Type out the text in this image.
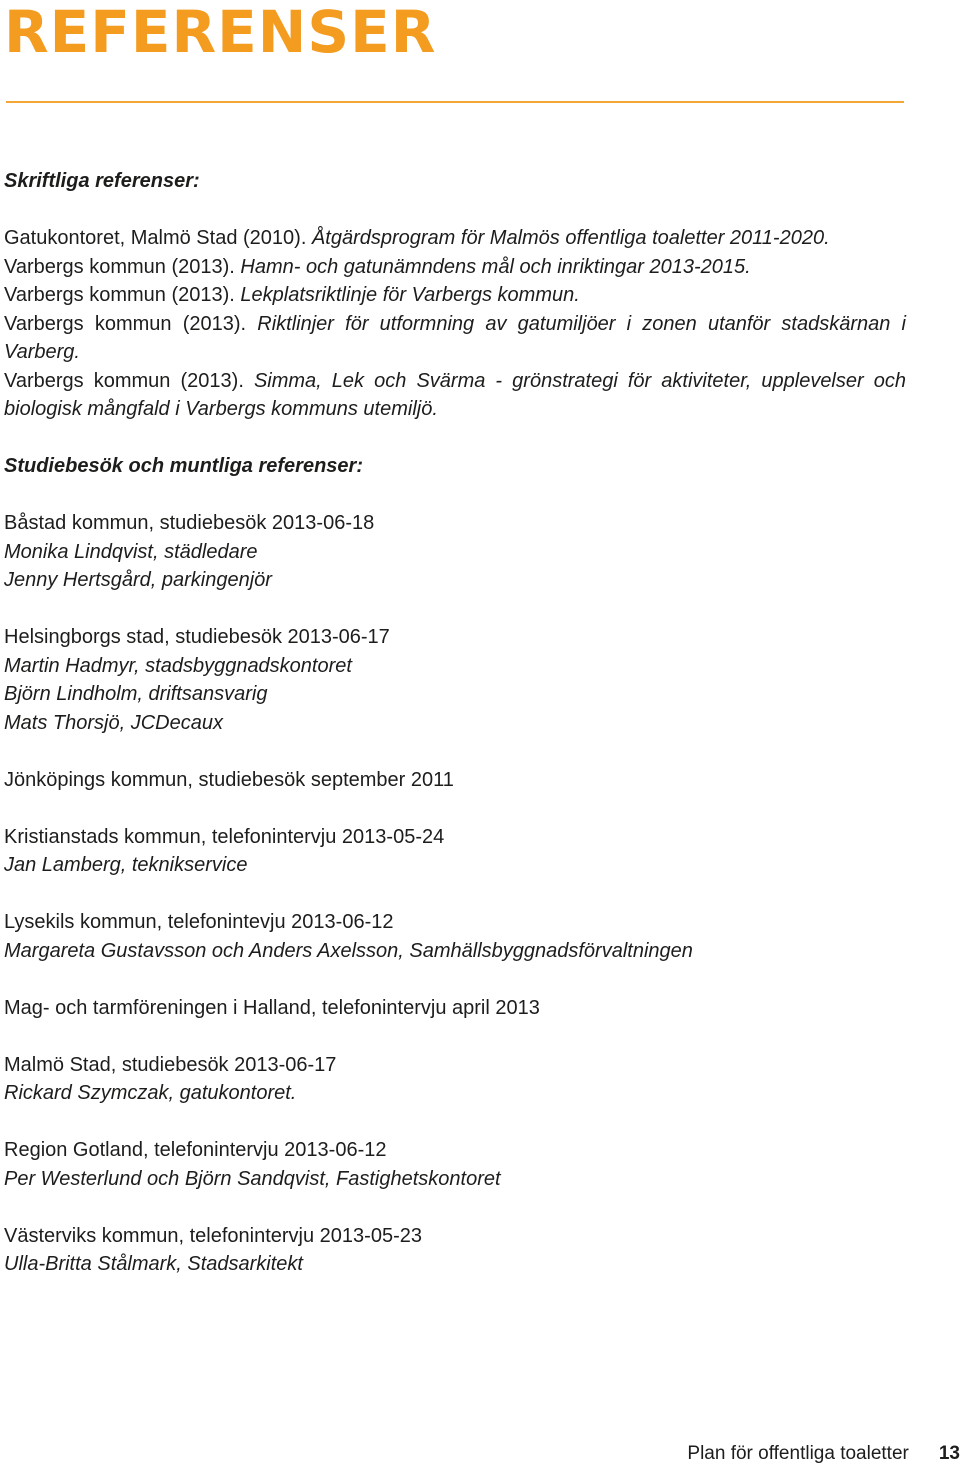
REFERENSER

Skriftliga referenser:

Gatukontoret, Malmö Stad (2010). Åtgärdsprogram för Malmös offentliga toaletter 2011-2020.

Varbergs kommun (2013). Hamn- och gatunämndens mål och inriktingar 2013-2015.

Varbergs kommun (2013). Lekplatsriktlinje för Varbergs kommun.

Varbergs kommun (2013). Riktlinjer för utformning av gatumiljöer i zonen utanför stadskärnan i Varberg.

Varbergs kommun (2013). Simma, Lek och Svärma - grönstrategi för aktiviteter, upplevelser och biologisk mångfald i Varbergs kommuns utemiljö.

Studiebesök och muntliga referenser:

Båstad kommun, studiebesök 2013-06-18

Monika Lindqvist, städledare

Jenny Hertsgård, parkingenjör

Helsingborgs stad, studiebesök 2013-06-17

Martin Hadmyr, stadsbyggnadskontoret

Björn Lindholm, driftsansvarig

Mats Thorsjö, JCDecaux

Jönköpings kommun, studiebesök september 2011

Kristianstads kommun, telefonintervju 2013-05-24

Jan Lamberg, teknikservice

Lysekils kommun, telefonintevju 2013-06-12

Margareta Gustavsson och Anders Axelsson, Samhällsbyggnadsförvaltningen

Mag- och tarmföreningen i Halland, telefonintervju april 2013

Malmö Stad, studiebesök 2013-06-17

Rickard Szymczak, gatukontoret.

Region Gotland, telefonintervju 2013-06-12

Per Westerlund och Björn Sandqvist, Fastighetskontoret

Västerviks kommun, telefonintervju 2013-05-23

Ulla-Britta Stålmark, Stadsarkitekt

Plan för offentliga toaletter 13
